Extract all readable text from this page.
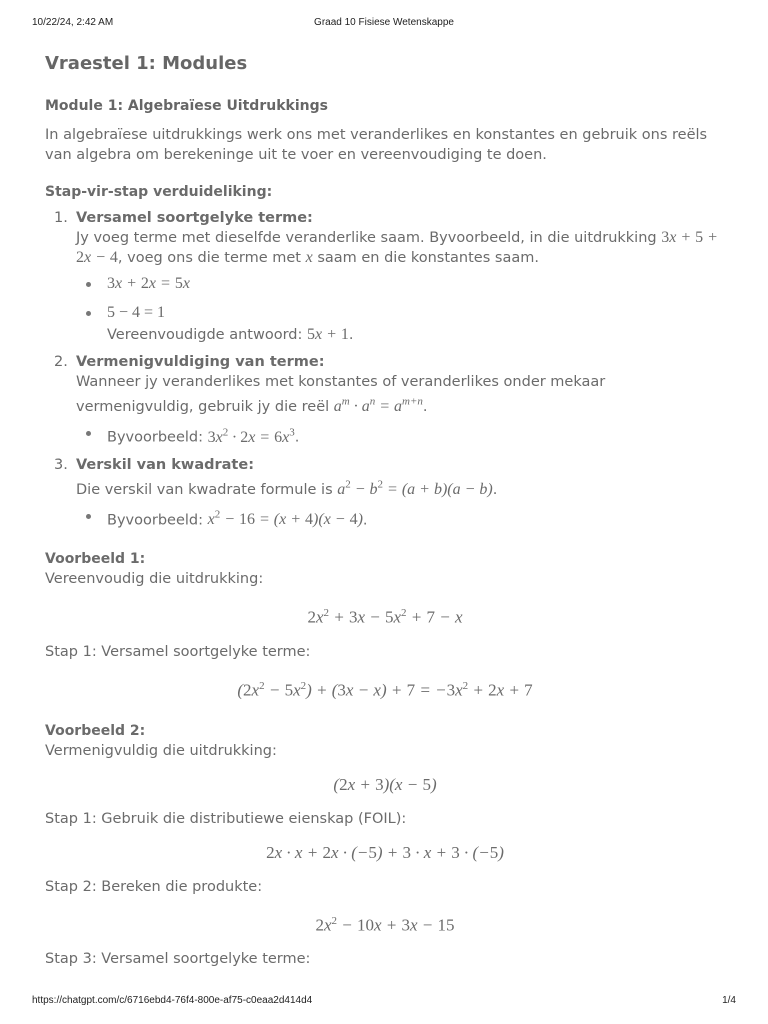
10/22/24, 2:42 AM	Graad 10 Fisiese Wetenskappe
Vraestel 1: Modules
Module 1: Algebraïese Uitdrukkings

In algebraïese uitdrukkings werk ons met veranderlikes en konstantes en gebruik ons reëls van algebra om berekeninge uit te voer en vereenvoudiging te doen.

Stap-vir-stap verduideliking:
1. Versamel soortgelyke terme:
Jy voeg terme met dieselfde veranderlike saam. Byvoorbeeld, in die uitdrukking 3x + 5 + 2x − 4, voeg ons die terme met x saam en die konstantes saam.
3x + 2x = 5x
5 − 4 = 1
Vereenvoudigde antwoord: 5x + 1.
2. Vermenigvuldiging van terme:
Wanneer jy veranderlikes met konstantes of veranderlikes onder mekaar vermenigvuldig, gebruik jy die reël $a^m \cdot a^n = a^{m+n}$.
Byvoorbeeld: $3x^2 \cdot 2x = 6x^3$.
3. Verskil van kwadrate:
Die verskil van kwadrate formule is $a^2 - b^2 = (a + b)(a - b)$.
Byvoorbeeld: $x^2 - 16 = (x + 4)(x - 4)$.
Voorbeeld 1:
Vereenvoudig die uitdrukking:
$2x^2 + 3x - 5x^2 + 7 - x$
Stap 1: Versamel soortgelyke terme:
$(2x^2 - 5x^2) + (3x - x) + 7 = -3x^2 + 2x + 7$
Voorbeeld 2:
Vermenigvuldig die uitdrukking:
(2x + 3)(x − 5)
Stap 1: Gebruik die distributiewe eienskap (FOIL):
2x · x + 2x · (−5) + 3 · x + 3 · (−5)
Stap 2: Bereken die produkte:
$2x^2 - 10x + 3x - 15$
Stap 3: Versamel soortgelyke terme:
https://chatgpt.com/c/6716ebd4-76f4-800e-af75-c0eaa2d414d4	1/4
